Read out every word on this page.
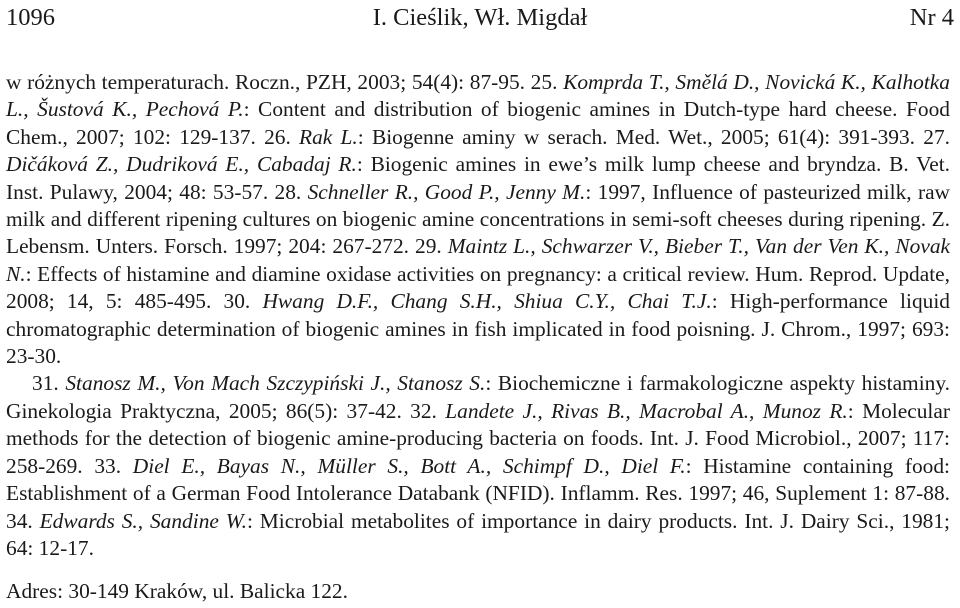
1096	I. Cieślik, Wł. Migdał	Nr 4

w różnych temperaturach. Roczn., PZH, 2003; 54(4): 87-95. 25. Komprda T., Smělá D., Novická K., Kalhotka L., Šustová K., Pechová P.: Content and distribution of biogenic amines in Dutch-type hard cheese. Food Chem., 2007; 102: 129-137. 26. Rak L.: Biogenne aminy w serach. Med. Wet., 2005; 61(4): 391-393. 27. Dičáková Z., Dudriková E., Cabadaj R.: Biogenic amines in ewe’s milk lump cheese and bryndza. B. Vet. Inst. Pulawy, 2004; 48: 53-57. 28. Schneller R., Good P., Jenny M.: 1997, Influence of pasteurized milk, raw milk and different ripening cultures on biogenic amine concentrations in semi-soft cheeses during ripening. Z. Lebensm. Unters. Forsch. 1997; 204: 267-272. 29. Maintz L., Schwarzer V., Bieber T., Van der Ven K., Novak N.: Effects of histamine and diamine oxidase activities on pregnancy: a critical review. Hum. Reprod. Update, 2008; 14, 5: 485-495. 30. Hwang D.F., Chang S.H., Shiua C.Y., Chai T.J.: High-performance liquid chromatographic determination of biogenic amines in fish implicated in food poisning. J. Chrom., 1997; 693: 23-30.

31. Stanosz M., Von Mach Szczypiński J., Stanosz S.: Biochemiczne i farmakologiczne aspekty histaminy. Ginekologia Praktyczna, 2005; 86(5): 37-42. 32. Landete J., Rivas B., Macrobal A., Munoz R.: Molecular methods for the detection of biogenic amine-producing bacteria on foods. Int. J. Food Microbiol., 2007; 117: 258-269. 33. Diel E., Bayas N., Müller S., Bott A., Schimpf D., Diel F.: Histamine containing food: Establishment of a German Food Intolerance Databank (NFID). Inflamm. Res. 1997; 46, Suplement 1: 87-88. 34. Edwards S., Sandine W.: Microbial metabolites of importance in dairy products. Int. J. Dairy Sci., 1981; 64: 12-17.

Adres: 30-149 Kraków, ul. Balicka 122.
